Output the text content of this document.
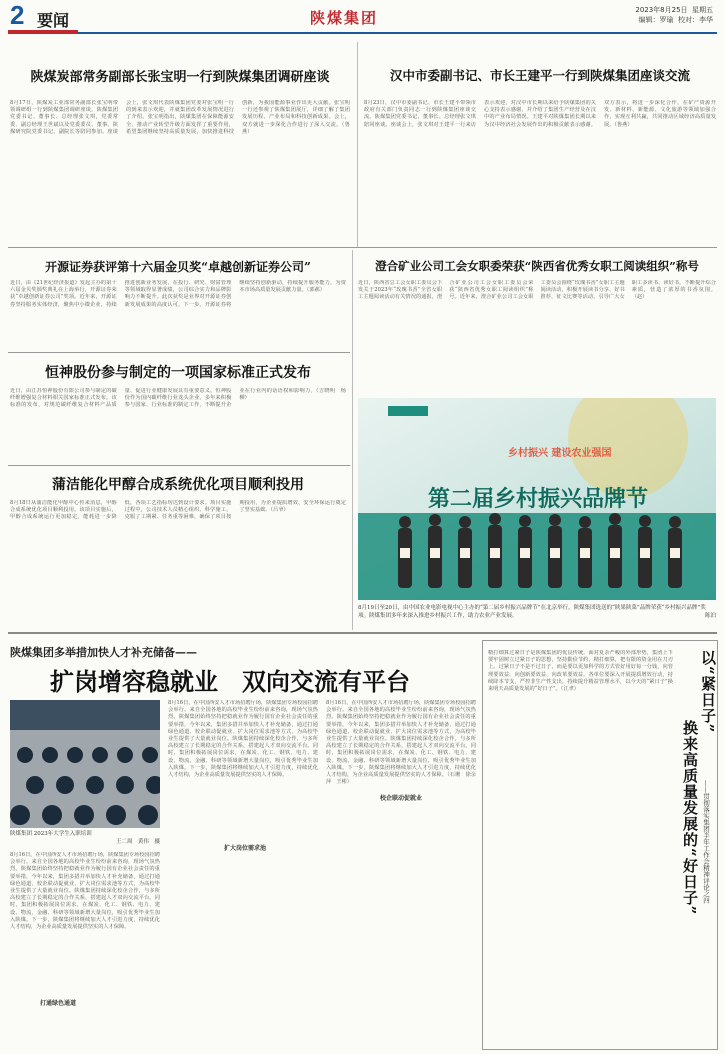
2 要闻	陕煤集团	2023年8月25日 星期五
编辑：罗瑜 校对：李华
陕煤炭部常务副部长张宝明一行到陕煤集团调研座谈
8月17日，陕煤炭工业部常务副部长张宝明带领调研组一行到陕煤集团调研座谈。陕煤集团党委书记、董事长、总经理张文琪，党委常委、副总经理王世斌以及党委委员、董事、陕煤研究院党委书记、副院长等陪同参加。座谈会上，张文琪代表陕煤集团党委对张宝明一行的到来表示欢迎，并就集团改革发展情况进行了介绍。张宝明指出，陕煤集团在保障能源安全、推动产业转型升级方面发挥了重要作用，希望集团继续坚持高质量发展，加快推进科技创新，为我国能源事业作出更大贡献。张宝明一行还参观了陕煤集团展厅，详细了解了集团发展历程、产业布局和科技创新成果。会上，双方就进一步深化合作进行了深入交流。（鲁燕）
汉中市委副书记、市长王建平一行到陕煤集团座谈交流
8月23日，汉中市委副书记、市长王建平带领市政府有关部门负责同志一行到陕煤集团座谈交流。陕煤集团党委书记、董事长、总经理张文琪陪同座谈。座谈会上，张文琪对王建平一行来访表示欢迎，对汉中市长期以来给予陕煤集团的关心支持表示感谢，并介绍了集团生产经营及在汉中的产业布局情况。王建平对陕煤集团长期以来为汉中经济社会发展作出的积极贡献表示感谢。双方表示，将进一步深化合作，在矿产资源开发、新材料、新能源、文化旅游等领域加强合作，实现互利共赢，共同推动区域经济高质量发展。（鲁燕）
开源证券获评第十六届金贝奖“卓越创新证券公司”
近日，由《21世纪经济报道》发起主办的第十六届金贝奖颁奖典礼在上海举行，开源证券荣获“卓越创新证券公司”奖项。近年来，开源证券坚持服务实体经济，聚焦中小微企业，持续推进创新业务发展，在投行、研究、财富管理等领域取得显著成绩，公司综合实力和品牌影响力不断提升。此次获奖是业界对开源证券创新发展成果的高度认可。下一步，开源证券将继续坚持创新驱动，持续提升服务能力，为资本市场高质量发展贡献力量。（郭郝）
澄合矿业公司工会女职委荣获“陕西省优秀女职工阅读组织”称号
近日，陕西省总工会女职工委员会下发关于2023年“玫瑰书香”全省女职工主题阅读活动有关情况的通报，澄合矿业公司工会女职工委员会荣获“陕西省优秀女职工阅读组织”称号。近年来，澄合矿业公司工会女职工委员会围绕“玫瑰书香”女职工主题阅读活动，积极开展读书分享、好书推荐、征文比赛等活动，引导广大女职工多读书、读好书，不断提升综合素质，营造了浓厚的书香氛围。（赵）
恒神股份参与制定的一项国家标准正式发布
近日，由江苏恒神股份有限公司参与制定的碳纤维增强复合材料相关国家标准正式发布。该标准的发布，对规范碳纤维复合材料产品质量、促进行业健康发展具有重要意义。恒神股份作为国内碳纤维行业龙头企业，多年来积极参与国家、行业标准的制定工作，不断提升企业在行业内的话语权和影响力。（吉晓明　杨柳）
蒲洁能化甲醇合成系统优化项目顺利投用
8月18日从蒲洁能化甲醇中心传来消息，甲醇合成系统优化项目顺利投用。该项目实施后，甲醇合成系统运行更加稳定，能耗进一步降低，各项工艺指标均达到设计要求。项目实施过程中，公司技术人员精心组织、科学施工，克服了工期紧、任务重等困难，确保了项目按期投用，为企业提质增效、安全环保运行奠定了坚实基础。（吕爷）
乡村振兴 建设农业强国
第二届乡村振兴品牌节
8月19日至20日，由中国农业电影电视中心主办的“第二届乡村振兴品牌节”在北京举行，陕煤集团选送的“陕果陕菜”品牌荣获“乡村振兴品牌”奖项。陕煤集团多年来深入推进乡村振兴工作，助力农业产业发展。	陈泊
陕煤集团多举措加快人才补充储备——
扩岗增容稳就业　双向交流有平台
陕煤集团 2023年大学生入职培训
王二周　黄伟　摄
8月16日，在中国西安人才市场招聘厅场，陕煤集团专场校园招聘会举行。来自全国各地的高校毕业生纷纷前来咨询，现场气氛热烈。陕煤集团始终坚持把稳就业作为履行国有企业社会责任的重要举措，今年以来，集团多措并举加快人才补充储备，通过打通绿色通道、校企联动促就业、扩大岗位需求池等方式，为高校毕业生提供了大量就业岗位。陕煤集团持续深化校企合作，与多所高校建立了长期稳定的合作关系，搭建起人才双向交流平台。同时，集团积极拓展岗位需求，在煤炭、化工、钢铁、电力、建设、物流、金融、科研等领域新增大量岗位，吸引优秀毕业生加入陕煤。下一步，陕煤集团将继续加大人才引进力度，持续优化人才结构，为企业高质量发展提供坚实的人才保障。
打通绿色通道
8月16日，在中国西安人才市场招聘厅场，陕煤集团专场校园招聘会举行。来自全国各地的高校毕业生纷纷前来咨询，现场气氛热烈。陕煤集团始终坚持把稳就业作为履行国有企业社会责任的重要举措，今年以来，集团多措并举加快人才补充储备，通过打通绿色通道、校企联动促就业、扩大岗位需求池等方式，为高校毕业生提供了大量就业岗位。陕煤集团持续深化校企合作，与多所高校建立了长期稳定的合作关系，搭建起人才双向交流平台。同时，集团积极拓展岗位需求，在煤炭、化工、钢铁、电力、建设、物流、金融、科研等领域新增大量岗位，吸引优秀毕业生加入陕煤。下一步，陕煤集团将继续加大人才引进力度，持续优化人才结构，为企业高质量发展提供坚实的人才保障。
扩大岗位需求池
8月16日，在中国西安人才市场招聘厅场，陕煤集团专场校园招聘会举行。来自全国各地的高校毕业生纷纷前来咨询，现场气氛热烈。陕煤集团始终坚持把稳就业作为履行国有企业社会责任的重要举措，今年以来，集团多措并举加快人才补充储备，通过打通绿色通道、校企联动促就业、扩大岗位需求池等方式，为高校毕业生提供了大量就业岗位。陕煤集团持续深化校企合作，与多所高校建立了长期稳定的合作关系，搭建起人才双向交流平台。同时，集团积极拓展岗位需求，在煤炭、化工、钢铁、电力、建设、物流、金融、科研等领域新增大量岗位，吸引优秀毕业生加入陕煤。下一步，陕煤集团将继续加大人才引进力度，持续优化人才结构，为企业高质量发展提供坚实的人才保障。（石珊　徐余萍　王彬）
校企联动促就业
精打细算过紧日子是陕煤集团的优良传统。面对复杂严峻的外部形势，集团上下要牢固树立过紧日子的思想，坚持勤俭节约、精打细算，把有限的资金用在刀刃上。过紧日子不是不过日子，而是要以更加科学的方式管好用好每一分钱，向管理要效益、向创新要效益、向改革要效益。各单位要深入开展提质增效行动，持续降本节支，严控非生产性支出，持续提升精益管理水平，以今天的“紧日子”换来明天高质量发展的“好日子”。（江聿）	以“紧日子”
换来高质量发展的“好日子” ——贯彻落实集团半年工作会精神评论之四
